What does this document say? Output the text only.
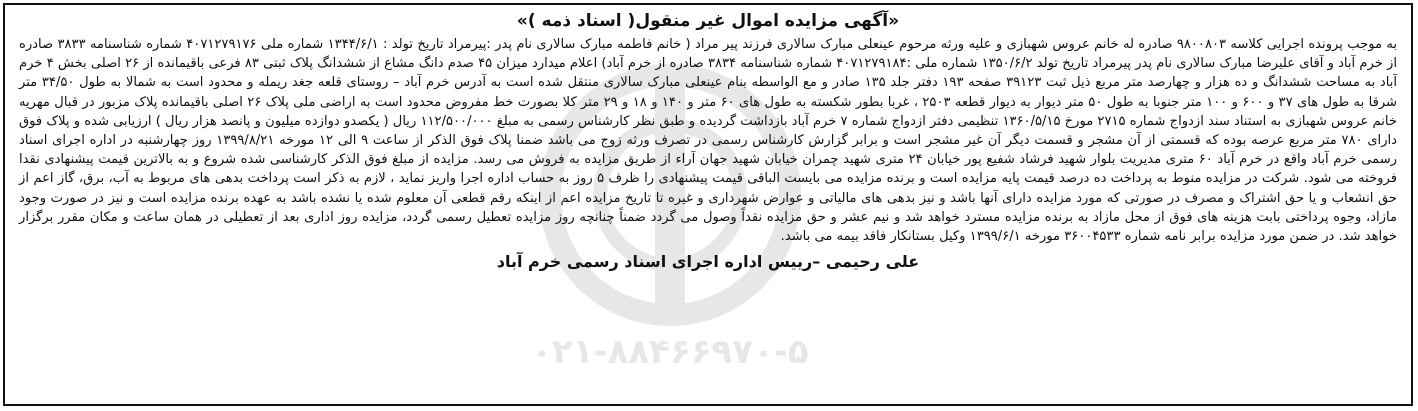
۰۲۱-۸۸۴۶۶۹۷۰-۵
«آگهی مزایده اموال غیر منقول( اسناد ذمه )»

به موجب پرونده اجرایی کلاسه ۹۸۰۰۸۰۳ صادره له خانم عروس شهبازی و علیه ورثه مرحوم عینعلی مبارک سالاری فرزند پیر مراد ( خانم فاطمه مبارک سالاری نام پدر :پیرمراد تاریخ تولد : ۱۳۴۴/۶/۱ شماره ملی ۴۰۷۱۲۷۹۱۷۶ شماره شناسنامه ۳۸۳۳ صادره از خرم آباد و آقای علیرضا مبارک سالاری نام پدر پیرمراد تاریخ تولد ۱۳۵۰/۶/۲ شماره ملی :۴۰۷۱۲۷۹۱۸۴ شماره شناسنامه ۳۸۳۴ صادره از خرم آباد) اعلام میدارد میزان ۴۵ صدم دانگ مشاع از ششدانگ پلاک ثبتی ۸۳ فرعی باقیمانده از ۲۶ اصلی بخش ۴ خرم آباد به مساحت ششدانگ و ده هزار و چهارصد متر مربع ذیل ثبت ۳۹۱۲۳ صفحه ۱۹۳ دفتر جلد ۱۳۵ صادر و مع الواسطه بنام عینعلی مبارک سالاری منتقل شده است به آدرس خرم آباد – روستای قلعه جغد ریمله و محدود است به شمالا به طول ۳۴/۵۰ متر شرقا به طول های ۳۷ و ۶۰۰ و ۱۰۰ متر جنوبا به طول ۵۰ متر دیوار به دیوار قطعه ۲۵۰۳ ، غربا بطور شکسته به طول های ۶۰ متر و ۱۴۰ و ۱۸ و ۲۹ متر کلا بصورت خط مفروض محدود است به اراضی ملی پلاک ۲۶ اصلی باقیمانده پلاک مزبور در قبال مهریه خانم عروس شهبازی به استناد سند ازدواج شماره ۲۷۱۵ مورخ ۱۳۶۰/۵/۱۵ تنظیمی دفتر ازدواج شماره ۷ خرم آباد بازداشت گردیده و طبق نظر کارشناس رسمی به مبلغ ۱۱۲/۵۰۰/۰۰۰ ریال ( یکصدو دوازده میلیون و پانصد هزار ریال ) ارزیابی شده و پلاک فوق دارای ۷۸۰ متر مربع عرصه بوده که قسمتی از آن مشجر و قسمت دیگر آن غیر مشجر است و برابر گزارش کارشناس رسمی در تصرف ورثه زوج می باشد ضمنا پلاک فوق الذکر از ساعت ۹ الی ۱۲ مورخه ۱۳۹۹/۸/۲۱ روز چهارشنبه در اداره اجرای اسناد رسمی خرم آباد واقع در خرم آباد ۶۰ متری مدیریت بلوار شهید فرشاد شفیع پور خیابان ۲۴ متری شهید چمران خیابان شهید جهان آراء از طریق مزایده به فروش می رسد. مزایده از مبلغ فوق الذکر کارشناسی شده شروع و به بالاترین قیمت پیشنهادی نقدا فروخته می شود. شرکت در مزایده منوط به پرداخت ده درصد قیمت پایه مزایده است و برنده مزایده می بایست الباقی قیمت پیشنهادی را ظرف ۵ روز به حساب اداره اجرا واریز نماید ، لازم به ذکر است پرداخت بدهی های مربوط به آب، برق، گاز اعم از حق انشعاب و یا حق اشتراک و مصرف در صورتی که مورد مزایده دارای آنها باشد و نیز بدهی های مالیاتی و عوارض شهرداری و غیره تا تاریخ مزایده اعم از اینکه رقم قطعی آن معلوم شده یا نشده باشد به عهده برنده مزایده است و نیز در صورت وجود مازاد، وجوه پرداختی بابت هزینه های فوق از محل مازاد به برنده مزایده مسترد خواهد شد و نیم عشر و حق مزایده نقداً وصول می گردد ضمناً چنانچه روز مزایده تعطیل رسمی گردد، مزایده روز اداری بعد از تعطیلی در همان ساعت و مکان مقرر برگزار خواهد شد. در ضمن مورد مزایده برابر نامه شماره ۳۶۰۰۴۵۳۳ مورخه ۱۳۹۹/۶/۱ وکیل بستانکار فاقد بیمه می باشد.

علی رحیمی –رییس اداره اجرای اسناد رسمی خرم آباد
